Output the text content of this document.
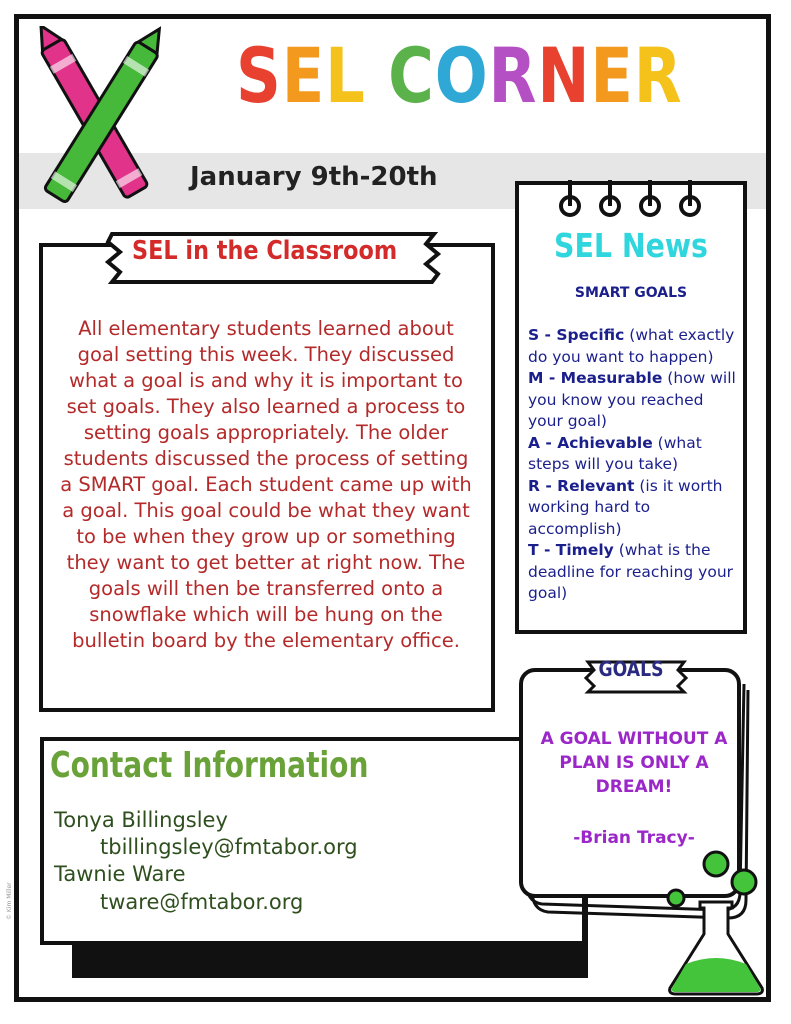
SEL CORNER
January 9th-20th
SEL in the Classroom
All elementary students learned about goal setting this week. They discussed what a goal is and why it is important to set goals. They also learned a process to setting goals appropriately. The older students discussed the process of setting a SMART goal. Each student came up with a goal. This goal could be what they want to be when they grow up or something they want to get better at right now. The goals will then be transferred onto a snowflake which will be hung on the bulletin board by the elementary office.
SEL News
SMART GOALS
S - Specific (what exactly do you want to happen)
M - Measurable (how will you know you reached your goal)
A - Achievable (what steps will you take)
R - Relevant (is it worth working hard to accomplish)
T - Timely (what is the deadline for reaching your goal)
Contact Information
Tonya Billingsley
tbillingsley@fmtabor.org
Tawnie Ware
tware@fmtabor.org
GOALS
A GOAL WITHOUT A PLAN IS ONLY A DREAM!
-Brian Tracy-
© Kim Miller
